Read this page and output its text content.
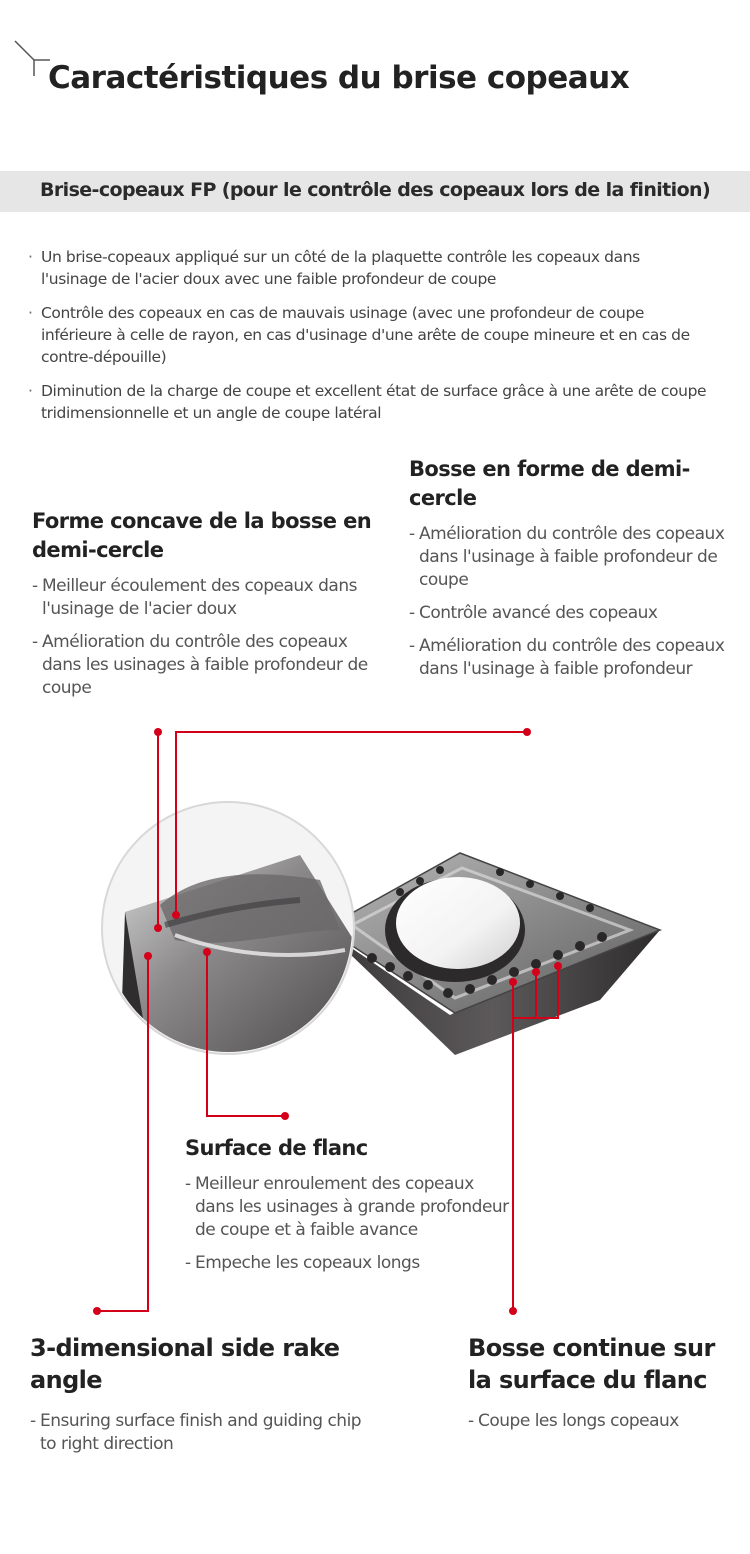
Caractéristiques du brise copeaux
Brise-copeaux FP (pour le contrôle des copeaux lors de la finition)
· Un brise-copeaux appliqué sur un côté de la plaquette contrôle les copeaux dans l'usinage de l'acier doux avec une faible profondeur de coupe
· Contrôle des copeaux en cas de mauvais usinage (avec une profondeur de coupe inférieure à celle de rayon, en cas d'usinage d'une arête de coupe mineure et en cas de contre-dépouille)
· Diminution de la charge de coupe et excellent état de surface grâce à une arête de coupe tridimensionnelle et un angle de coupe latéral
Bosse en forme de demi-cercle
- Amélioration du contrôle des copeaux dans l'usinage à faible profondeur de coupe
- Contrôle avancé des copeaux
- Amélioration du contrôle des copeaux dans l'usinage à faible profondeur
Forme concave de la bosse en demi-cercle
- Meilleur écoulement des copeaux dans l'usinage de l'acier doux
- Amélioration du contrôle des copeaux dans les usinages à faible profondeur de coupe
Surface de flanc
- Meilleur enroulement des copeaux dans les usinages à grande profondeur de coupe et à faible avance
- Empeche les copeaux longs
3-dimensional side rake angle
- Ensuring surface finish and guiding chip to right direction
Bosse continue sur la surface du flanc
- Coupe les longs copeaux
